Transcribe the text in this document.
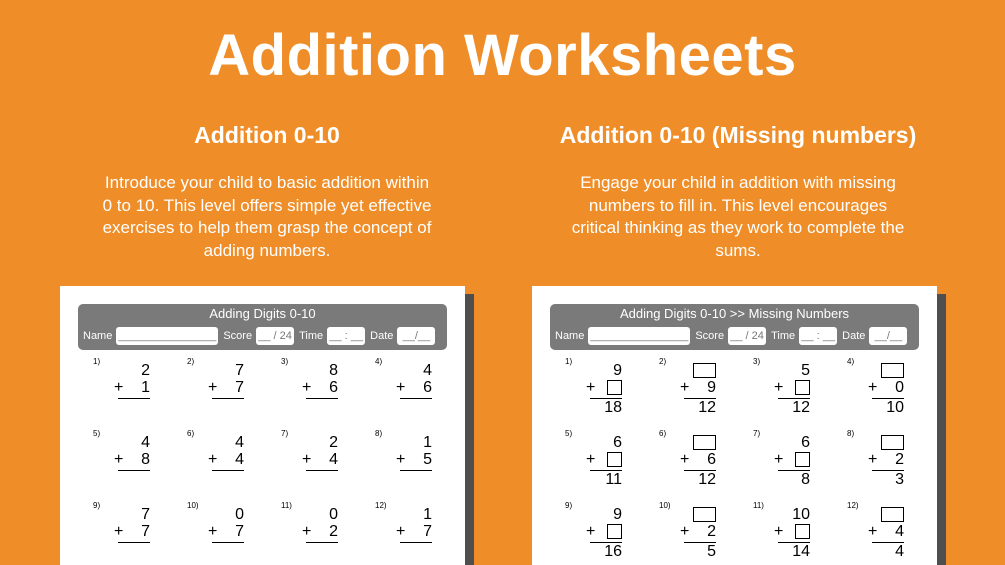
Addition Worksheets
Addition 0-10
Introduce your child to basic addition within
0 to 10. This level offers simple yet effective
exercises to help them grasp the concept of
adding numbers.
Adding Digits 0-10
Name ________________ Score __ / 24 Time __ : __ Date __/__
1)
2
+ 1
2)
7
+ 7
3)
8
+ 6
4)
4
+ 6
5)
4
+ 8
6)
4
+ 4
7)
2
+ 4
8)
1
+ 5
9)
7
+ 7
10)
0
+ 7
11)
0
+ 2
12)
1
+ 7
Addition 0-10 (Missing numbers)
Engage your child in addition with missing
numbers to fill in. This level encourages
critical thinking as they work to complete the
sums.
Adding Digits 0-10 >> Missing Numbers
Name ________________ Score __ / 24 Time __ : __ Date __/__
1)
9
+
18
2)
+ 9
12
3)
5
+
12
4)
+ 0
10
5)
6
+
11
6)
+ 6
12
7)
6
+
8
8)
+ 2
3
9)
9
+
16
10)
+ 2
5
11)
10
+
14
12)
+ 4
4
